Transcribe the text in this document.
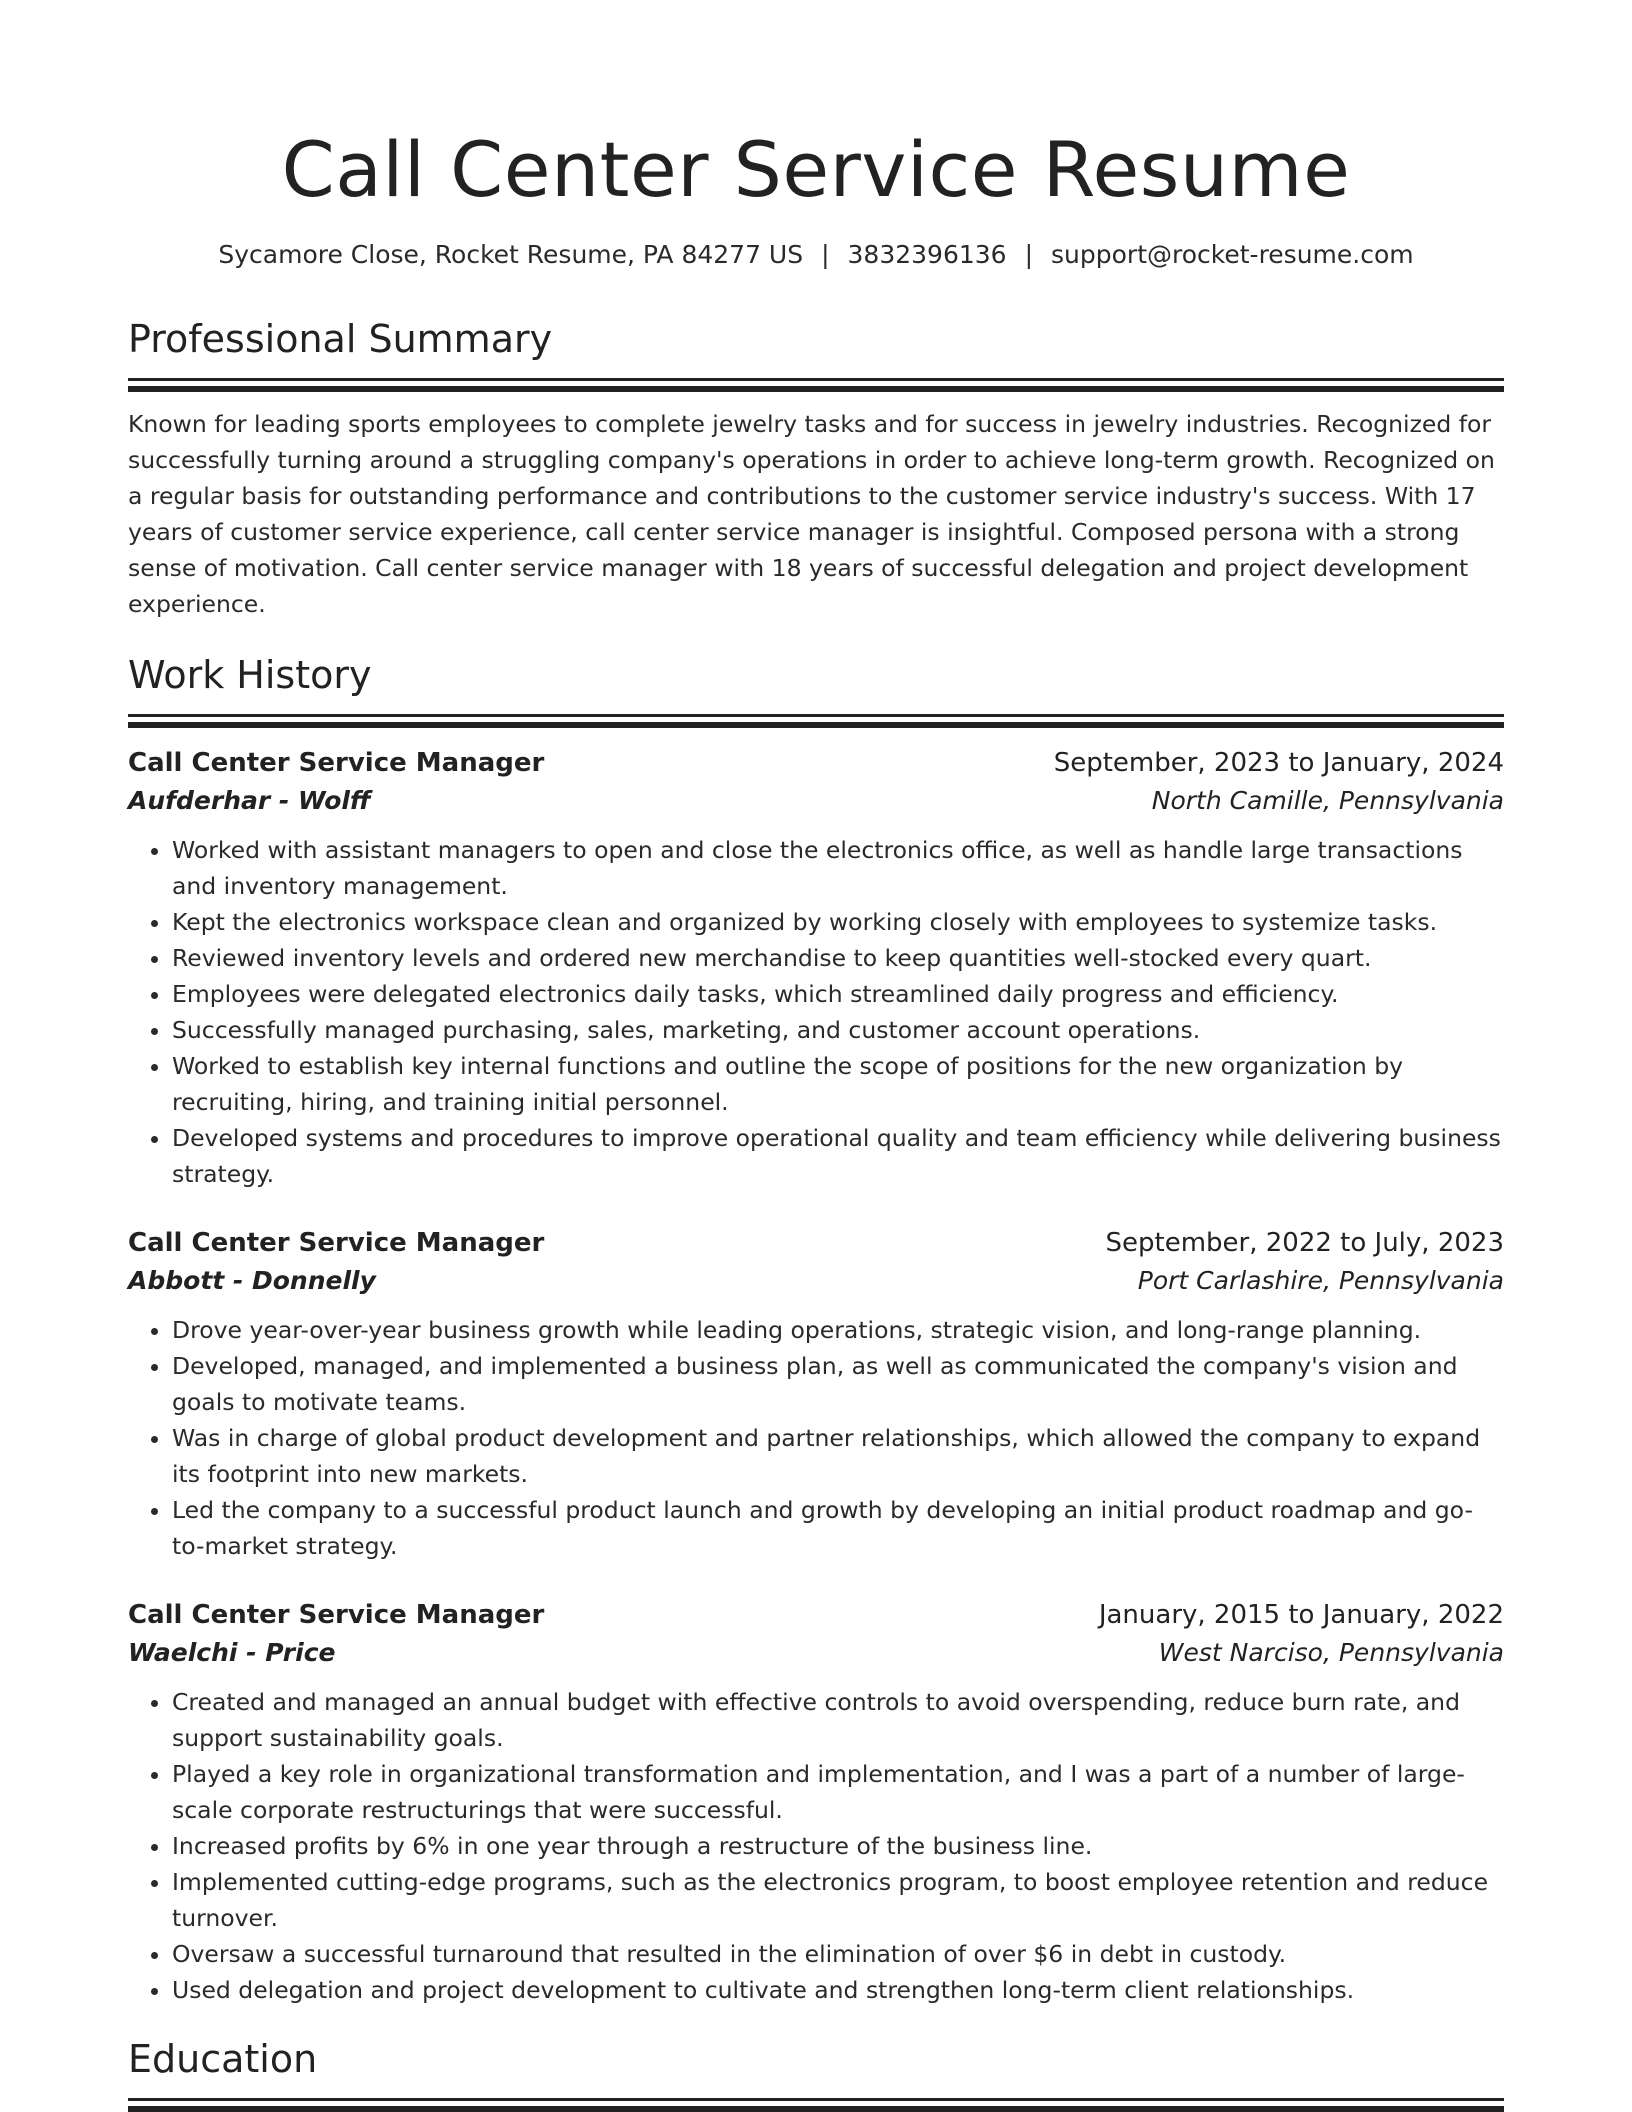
Call Center Service Resume
Sycamore Close, Rocket Resume, PA 84277 US | 3832396136 | support@rocket-resume.com
Professional Summary

Known for leading sports employees to complete jewelry tasks and for success in jewelry industries. Recognized for successfully turning around a struggling company's operations in order to achieve long-term growth. Recognized on a regular basis for outstanding performance and contributions to the customer service industry's success. With 17 years of customer service experience, call center service manager is insightful. Composed persona with a strong sense of motivation. Call center service manager with 18 years of successful delegation and project development experience.

Work History
Call Center Service Manager	September, 2023 to January, 2024
Aufderhar - Wolff	North Camille, Pennsylvania
• Worked with assistant managers to open and close the electronics office, as well as handle large transactions and inventory management.
• Kept the electronics workspace clean and organized by working closely with employees to systemize tasks.
• Reviewed inventory levels and ordered new merchandise to keep quantities well-stocked every quart.
• Employees were delegated electronics daily tasks, which streamlined daily progress and efficiency.
• Successfully managed purchasing, sales, marketing, and customer account operations.
• Worked to establish key internal functions and outline the scope of positions for the new organization by recruiting, hiring, and training initial personnel.
• Developed systems and procedures to improve operational quality and team efficiency while delivering business strategy.
Call Center Service Manager	September, 2022 to July, 2023
Abbott - Donnelly	Port Carlashire, Pennsylvania
• Drove year-over-year business growth while leading operations, strategic vision, and long-range planning.
• Developed, managed, and implemented a business plan, as well as communicated the company's vision and goals to motivate teams.
• Was in charge of global product development and partner relationships, which allowed the company to expand its footprint into new markets.
• Led the company to a successful product launch and growth by developing an initial product roadmap and go-to-market strategy.
Call Center Service Manager	January, 2015 to January, 2022
Waelchi - Price	West Narciso, Pennsylvania
• Created and managed an annual budget with effective controls to avoid overspending, reduce burn rate, and support sustainability goals.
• Played a key role in organizational transformation and implementation, and I was a part of a number of large-scale corporate restructurings that were successful.
• Increased profits by 6% in one year through a restructure of the business line.
• Implemented cutting-edge programs, such as the electronics program, to boost employee retention and reduce turnover.
• Oversaw a successful turnaround that resulted in the elimination of over $6 in debt in custody.
• Used delegation and project development to cultivate and strengthen long-term client relationships.
Education
